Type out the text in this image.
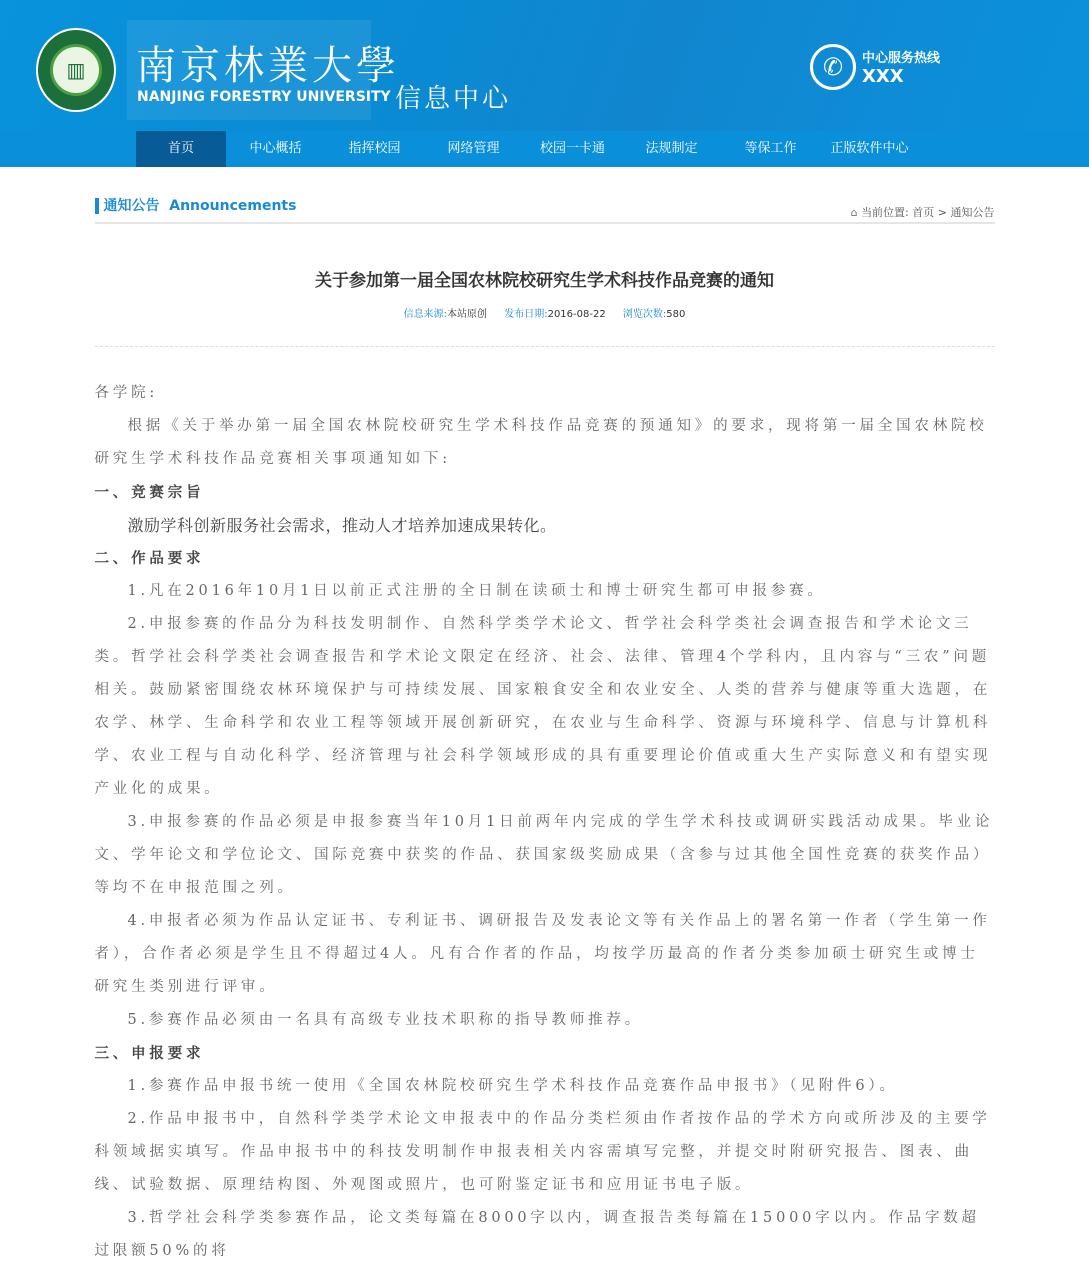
▥	南京林業大學
NANJING FORESTRY UNIVERSITY 信息中心
✆	中心服务热线
XXX
首页	中心概括	指挥校园	网络管理	校园一卡通	法规制定	等保工作	正版软件中心
通知公告  Announcements	⌂ 当前位置: 首页 > 通知公告
关于参加第一届全国农林院校研究生学术科技作品竞赛的通知
信息来源:本站原创 发布日期:2016-08-22 浏览次数:580

各学院:

根据《关于举办第一届全国农林院校研究生学术科技作品竞赛的预通知》的要求，现将第一届全国农林院校研究生学术科技作品竞赛相关事项通知如下:

一、竞赛宗旨

激励学科创新服务社会需求，推动人才培养加速成果转化。

二、作品要求

1.凡在2016年10月1日以前正式注册的全日制在读硕士和博士研究生都可申报参赛。

2.申报参赛的作品分为科技发明制作、自然科学类学术论文、哲学社会科学类社会调查报告和学术论文三类。哲学社会科学类社会调查报告和学术论文限定在经济、社会、法律、管理4个学科内，且内容与“三农”问题相关。鼓励紧密围绕农林环境保护与可持续发展、国家粮食安全和农业安全、人类的营养与健康等重大选题，在农学、林学、生命科学和农业工程等领域开展创新研究，在农业与生命科学、资源与环境科学、信息与计算机科学、农业工程与自动化科学、经济管理与社会科学领域形成的具有重要理论价值或重大生产实际意义和有望实现产业化的成果。

3.申报参赛的作品必须是申报参赛当年10月1日前两年内完成的学生学术科技或调研实践活动成果。毕业论文、学年论文和学位论文、国际竞赛中获奖的作品、获国家级奖励成果（含参与过其他全国性竞赛的获奖作品）等均不在申报范围之列。

4.申报者必须为作品认定证书、专利证书、调研报告及发表论文等有关作品上的署名第一作者（学生第一作者），合作者必须是学生且不得超过4人。凡有合作者的作品，均按学历最高的作者分类参加硕士研究生或博士研究生类别进行评审。

5.参赛作品必须由一名具有高级专业技术职称的指导教师推荐。

三、申报要求

1.参赛作品申报书统一使用《全国农林院校研究生学术科技作品竞赛作品申报书》（见附件6）。

2.作品申报书中，自然科学类学术论文申报表中的作品分类栏须由作者按作品的学术方向或所涉及的主要学科领域据实填写。作品申报书中的科技发明制作申报表相关内容需填写完整，并提交时附研究报告、图表、曲线、试验数据、原理结构图、外观图或照片，也可附鉴定证书和应用证书电子版。

3.哲学社会科学类参赛作品，论文类每篇在8000字以内，调查报告类每篇在15000字以内。作品字数超过限额50%的将
